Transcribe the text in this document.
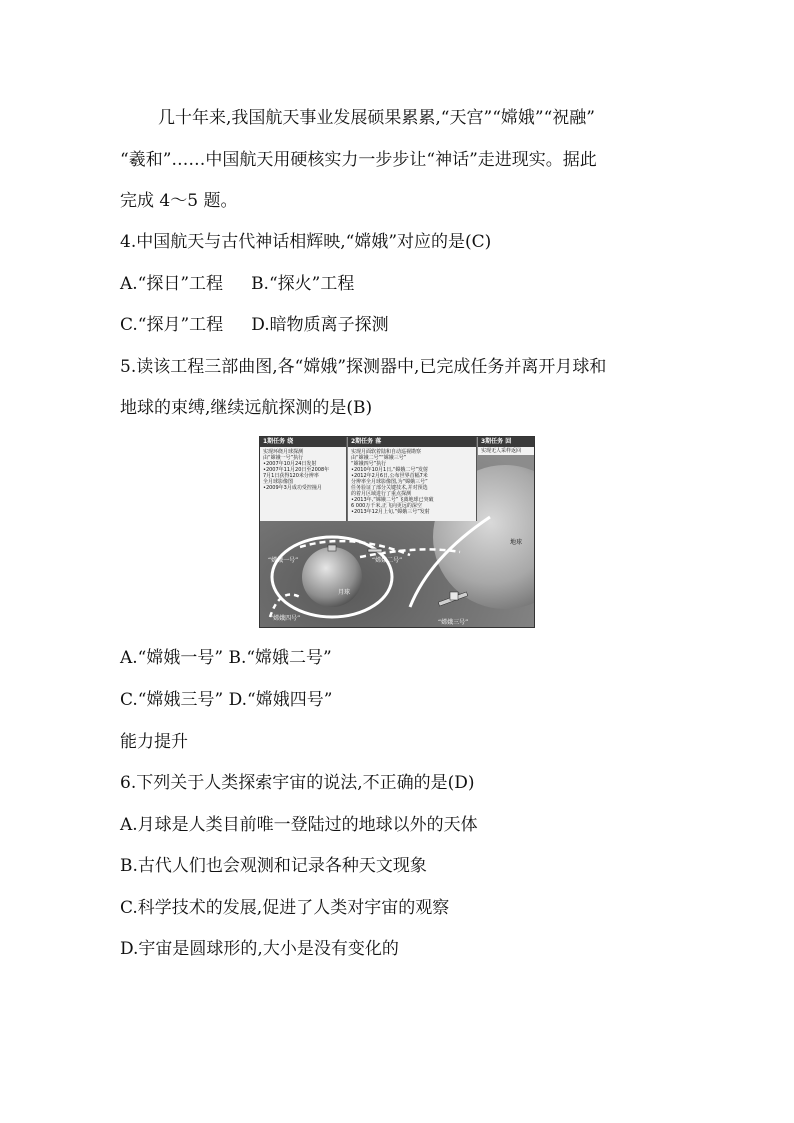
几十年来,我国航天事业发展硕果累累,“天宫”“嫦娥”“祝融”
“羲和”……中国航天用硬核实力一步步让“神话”走进现实。据此
完成 4～5 题。
4.中国航天与古代神话相辉映,“嫦娥”对应的是(C)
A.“探日”工程 B.“探火”工程
C.“探月”工程 D.暗物质离子探测
5.读该工程三部曲图,各“嫦娥”探测器中,已完成任务并离开月球和
地球的束缚,继续远航探测的是(B)
1期任务 绕
实现环绕月球探测
由“嫦娥一号”执行
•2007年10月24日发射
•2007年11月20日至2008年
7月1日获得120米分辨率
全月球影像图
•2009年3月成功受控撞月
2期任务 落
实现月面软着陆和自动巡视勘察
由“嫦娥二号”“嫦娥三号”
“嫦娥四号”执行
•2010年10月1日,“嫦娥二号”发射
•2012年2月6日,公布世界首幅7米
分辨率全月球影像图,为“嫦娥三号”
任务验证了部分关键技术,并对预选
的着月区域进行了重点探测
•2013年,“嫦娥二号”飞离地球已突破
6 000万千米,正飞向更远的深空
•2013年12月上旬,“嫦娥三号”发射
3期任务 回
实现无人采样返回
地球
月球
“嫦娥一号”	“嫦娥二号”
“嫦娥三号”
“嫦娥四号”
A.“嫦娥一号” B.“嫦娥二号”
C.“嫦娥三号” D.“嫦娥四号”
能力提升
6.下列关于人类探索宇宙的说法,不正确的是(D)
A.月球是人类目前唯一登陆过的地球以外的天体
B.古代人们也会观测和记录各种天文现象
C.科学技术的发展,促进了人类对宇宙的观察
D.宇宙是圆球形的,大小是没有变化的
